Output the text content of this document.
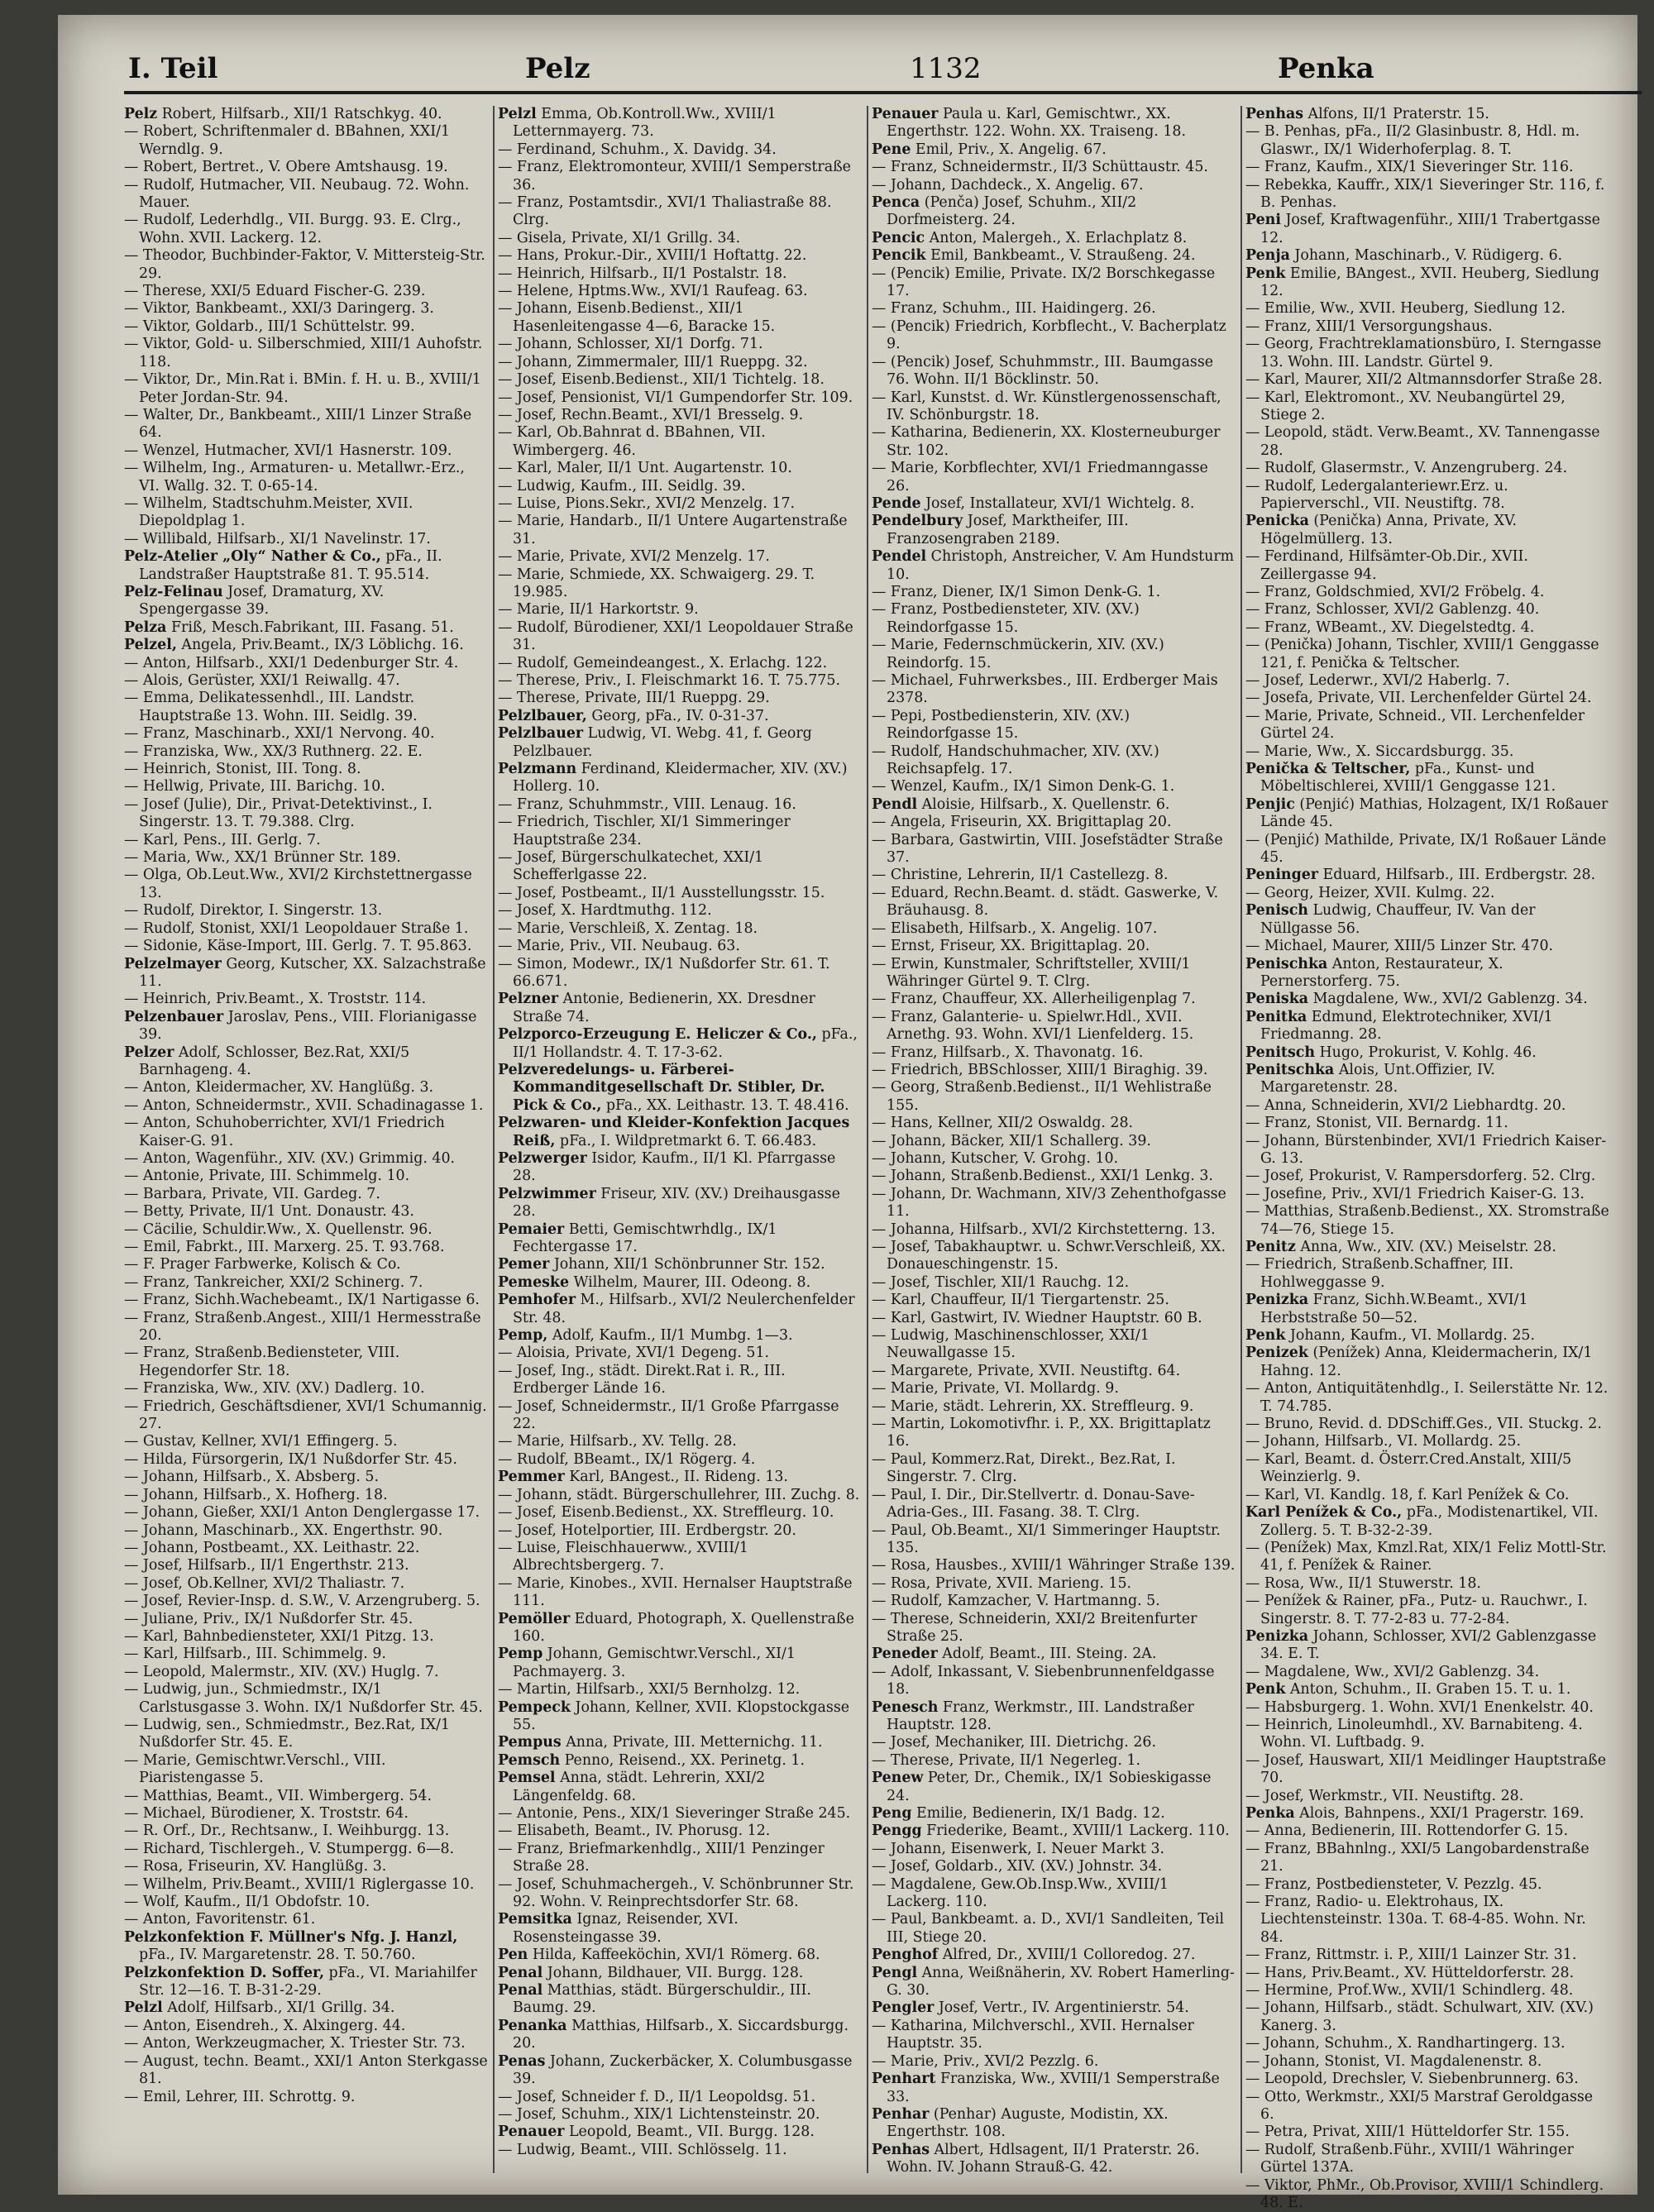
I. Teil	Pelz	1132	Penka

Pelz Robert, Hilfsarb., XII/1 Ratschkyg. 40.

— Robert, Schriftenmaler d. BBahnen, XXI/1 Werndlg. 9.

— Robert, Bertret., V. Obere Amtshausg. 19.

— Rudolf, Hutmacher, VII. Neubaug. 72. Wohn. Mauer.

— Rudolf, Lederhdlg., VII. Burgg. 93. E. Clrg., Wohn. XVII. Lackerg. 12.

— Theodor, Buchbinder-Faktor, V. Mittersteig-Str. 29.

— Therese, XXI/5 Eduard Fischer-G. 239.

— Viktor, Bankbeamt., XXI/3 Daringerg. 3.

— Viktor, Goldarb., III/1 Schüttelstr. 99.

— Viktor, Gold- u. Silberschmied, XIII/1 Auhofstr. 118.

— Viktor, Dr., Min.Rat i. BMin. f. H. u. B., XVIII/1 Peter Jordan-Str. 94.

— Walter, Dr., Bankbeamt., XIII/1 Linzer Straße 64.

— Wenzel, Hutmacher, XVI/1 Hasnerstr. 109.

— Wilhelm, Ing., Armaturen- u. Metallwr.-Erz., VI. Wallg. 32. T. 0-65-14.

— Wilhelm, Stadtschuhm.Meister, XVII. Diepoldplag 1.

— Willibald, Hilfsarb., XI/1 Navelinstr. 17.

Pelz-Atelier „Oly“ Nather & Co., pFa., II. Landstraßer Hauptstraße 81. T. 95.514.

Pelz-Felinau Josef, Dramaturg, XV. Spengergasse 39.

Pelza Friß, Mesch.Fabrikant, III. Fasang. 51.

Pelzel, Angela, Priv.Beamt., IX/3 Löblichg. 16.

— Anton, Hilfsarb., XXI/1 Dedenburger Str. 4.

— Alois, Gerüster, XXI/1 Reiwallg. 47.

— Emma, Delikatessenhdl., III. Landstr. Hauptstraße 13. Wohn. III. Seidlg. 39.

— Franz, Maschinarb., XXI/1 Nervong. 40.

— Franziska, Ww., XX/3 Ruthnerg. 22. E.

— Heinrich, Stonist, III. Tong. 8.

— Hellwig, Private, III. Barichg. 10.

— Josef (Julie), Dir., Privat-Detektivinst., I. Singerstr. 13. T. 79.388. Clrg.

— Karl, Pens., III. Gerlg. 7.

— Maria, Ww., XX/1 Brünner Str. 189.

— Olga, Ob.Leut.Ww., XVI/2 Kirchstettnergasse 13.

— Rudolf, Direktor, I. Singerstr. 13.

— Rudolf, Stonist, XXI/1 Leopoldauer Straße 1.

— Sidonie, Käse-Import, III. Gerlg. 7. T. 95.863.

Pelzelmayer Georg, Kutscher, XX. Salzachstraße 11.

— Heinrich, Priv.Beamt., X. Troststr. 114.

Pelzenbauer Jaroslav, Pens., VIII. Florianigasse 39.

Pelzer Adolf, Schlosser, Bez.Rat, XXI/5 Barnhageng. 4.

— Anton, Kleidermacher, XV. Hanglüßg. 3.

— Anton, Schneidermstr., XVII. Schadinagasse 1.

— Anton, Schuhoberrichter, XVI/1 Friedrich Kaiser-G. 91.

— Anton, Wagenführ., XIV. (XV.) Grimmig. 40.

— Antonie, Private, III. Schimmelg. 10.

— Barbara, Private, VII. Gardeg. 7.

— Betty, Private, II/1 Unt. Donaustr. 43.

— Cäcilie, Schuldir.Ww., X. Quellenstr. 96.

— Emil, Fabrkt., III. Marxerg. 25. T. 93.768.

— F. Prager Farbwerke, Kolisch & Co.

— Franz, Tankreicher, XXI/2 Schinerg. 7.

— Franz, Sichh.Wachebeamt., IX/1 Nartigasse 6.

— Franz, Straßenb.Angest., XIII/1 Hermesstraße 20.

— Franz, Straßenb.Bediensteter, VIII. Hegendorfer Str. 18.

— Franziska, Ww., XIV. (XV.) Dadlerg. 10.

— Friedrich, Geschäftsdiener, XVI/1 Schumannig. 27.

— Gustav, Kellner, XVI/1 Effingerg. 5.

— Hilda, Fürsorgerin, IX/1 Nußdorfer Str. 45.

— Johann, Hilfsarb., X. Absberg. 5.

— Johann, Hilfsarb., X. Hofherg. 18.

— Johann, Gießer, XXI/1 Anton Denglergasse 17.

— Johann, Maschinarb., XX. Engerthstr. 90.

— Johann, Postbeamt., XX. Leithastr. 22.

— Josef, Hilfsarb., II/1 Engerthstr. 213.

— Josef, Ob.Kellner, XVI/2 Thaliastr. 7.

— Josef, Revier-Insp. d. S.W., V. Arzengruberg. 5.

— Juliane, Priv., IX/1 Nußdorfer Str. 45.

— Karl, Bahnbediensteter, XXI/1 Pitzg. 13.

— Karl, Hilfsarb., III. Schimmelg. 9.

— Leopold, Malermstr., XIV. (XV.) Huglg. 7.

— Ludwig, jun., Schmiedmstr., IX/1 Carlstusgasse 3. Wohn. IX/1 Nußdorfer Str. 45.

— Ludwig, sen., Schmiedmstr., Bez.Rat, IX/1 Nußdorfer Str. 45. E.

— Marie, Gemischtwr.Verschl., VIII. Piaristengasse 5.

— Matthias, Beamt., VII. Wimbergerg. 54.

— Michael, Bürodiener, X. Troststr. 64.

— R. Orf., Dr., Rechtsanw., I. Weihburgg. 13.

— Richard, Tischlergeh., V. Stumpergg. 6—8.

— Rosa, Friseurin, XV. Hanglüßg. 3.

— Wilhelm, Priv.Beamt., XVIII/1 Riglergasse 10.

— Wolf, Kaufm., II/1 Obdofstr. 10.

— Anton, Favoritenstr. 61.

Pelzkonfektion F. Müllner's Nfg. J. Hanzl, pFa., IV. Margaretenstr. 28. T. 50.760.

Pelzkonfektion D. Soffer, pFa., VI. Mariahilfer Str. 12—16. T. B-31-2-29.

Pelzl Adolf, Hilfsarb., XI/1 Grillg. 34.

— Anton, Eisendreh., X. Alxingerg. 44.

— Anton, Werkzeugmacher, X. Triester Str. 73.

— August, techn. Beamt., XXI/1 Anton Sterkgasse 81.

— Emil, Lehrer, III. Schrottg. 9.

Pelzl Emma, Ob.Kontroll.Ww., XVIII/1 Letternmayerg. 73.

— Ferdinand, Schuhm., X. Davidg. 34.

— Franz, Elektromonteur, XVIII/1 Semperstraße 36.

— Franz, Postamtsdir., XVI/1 Thaliastraße 88. Clrg.

— Gisela, Private, XI/1 Grillg. 34.

— Hans, Prokur.-Dir., XVIII/1 Hoftattg. 22.

— Heinrich, Hilfsarb., II/1 Postalstr. 18.

— Helene, Hptms.Ww., XVI/1 Raufeag. 63.

— Johann, Eisenb.Bedienst., XII/1 Hasenleitengasse 4—6, Baracke 15.

— Johann, Schlosser, XI/1 Dorfg. 71.

— Johann, Zimmermaler, III/1 Rueppg. 32.

— Josef, Eisenb.Bedienst., XII/1 Tichtelg. 18.

— Josef, Pensionist, VI/1 Gumpendorfer Str. 109.

— Josef, Rechn.Beamt., XVI/1 Bresselg. 9.

— Karl, Ob.Bahnrat d. BBahnen, VII. Wimbergerg. 46.

— Karl, Maler, II/1 Unt. Augartenstr. 10.

— Ludwig, Kaufm., III. Seidlg. 39.

— Luise, Pions.Sekr., XVI/2 Menzelg. 17.

— Marie, Handarb., II/1 Untere Augartenstraße 31.

— Marie, Private, XVI/2 Menzelg. 17.

— Marie, Schmiede, XX. Schwaigerg. 29. T. 19.985.

— Marie, II/1 Harkortstr. 9.

— Rudolf, Bürodiener, XXI/1 Leopoldauer Straße 31.

— Rudolf, Gemeindeangest., X. Erlachg. 122.

— Therese, Priv., I. Fleischmarkt 16. T. 75.775.

— Therese, Private, III/1 Rueppg. 29.

Pelzlbauer, Georg, pFa., IV. 0-31-37.

Pelzlbauer Ludwig, VI. Webg. 41, f. Georg Pelzlbauer.

Pelzmann Ferdinand, Kleidermacher, XIV. (XV.) Hollerg. 10.

— Franz, Schuhmmstr., VIII. Lenaug. 16.

— Friedrich, Tischler, XI/1 Simmeringer Hauptstraße 234.

— Josef, Bürgerschulkatechet, XXI/1 Schefferlgasse 22.

— Josef, Postbeamt., II/1 Ausstellungsstr. 15.

— Josef, X. Hardtmuthg. 112.

— Marie, Verschleiß, X. Zentag. 18.

— Marie, Priv., VII. Neubaug. 63.

— Simon, Modewr., IX/1 Nußdorfer Str. 61. T. 66.671.

Pelzner Antonie, Bedienerin, XX. Dresdner Straße 74.

Pelzporco-Erzeugung E. Heliczer & Co., pFa., II/1 Hollandstr. 4. T. 17-3-62.

Pelzveredelungs- u. Färberei-Kommanditgesellschaft Dr. Stibler, Dr. Pick & Co., pFa., XX. Leithastr. 13. T. 48.416.

Pelzwaren- und Kleider-Konfektion Jacques Reiß, pFa., I. Wildpretmarkt 6. T. 66.483.

Pelzwerger Isidor, Kaufm., II/1 Kl. Pfarrgasse 28.

Pelzwimmer Friseur, XIV. (XV.) Dreihausgasse 28.

Pemaier Betti, Gemischtwrhdlg., IX/1 Fechtergasse 17.

Pemer Johann, XII/1 Schönbrunner Str. 152.

Pemeske Wilhelm, Maurer, III. Odeong. 8.

Pemhofer M., Hilfsarb., XVI/2 Neulerchenfelder Str. 48.

Pemp, Adolf, Kaufm., II/1 Mumbg. 1—3.

— Aloisia, Private, XVI/1 Degeng. 51.

— Josef, Ing., städt. Direkt.Rat i. R., III. Erdberger Lände 16.

— Josef, Schneidermstr., II/1 Große Pfarrgasse 22.

— Marie, Hilfsarb., XV. Tellg. 28.

— Rudolf, BBeamt., IX/1 Rögerg. 4.

Pemmer Karl, BAngest., II. Rideng. 13.

— Johann, städt. Bürgerschullehrer, III. Zuchg. 8.

— Josef, Eisenb.Bedienst., XX. Streffleurg. 10.

— Josef, Hotelportier, III. Erdbergstr. 20.

— Luise, Fleischhauerww., XVIII/1 Albrechtsbergerg. 7.

— Marie, Kinobes., XVII. Hernalser Hauptstraße 111.

Pemöller Eduard, Photograph, X. Quellenstraße 160.

Pemp Johann, Gemischtwr.Verschl., XI/1 Pachmayerg. 3.

— Martin, Hilfsarb., XXI/5 Bernholzg. 12.

Pempeck Johann, Kellner, XVII. Klopstockgasse 55.

Pempus Anna, Private, III. Metternichg. 11.

Pemsch Penno, Reisend., XX. Perinetg. 1.

Pemsel Anna, städt. Lehrerin, XXI/2 Längenfeldg. 68.

— Antonie, Pens., XIX/1 Sieveringer Straße 245.

— Elisabeth, Beamt., IV. Phorusg. 12.

— Franz, Briefmarkenhdlg., XIII/1 Penzinger Straße 28.

— Josef, Schuhmachergeh., V. Schönbrunner Str. 92. Wohn. V. Reinprechtsdorfer Str. 68.

Pemsitka Ignaz, Reisender, XVI. Rosensteingasse 39.

Pen Hilda, Kaffeeköchin, XVI/1 Römerg. 68.

Penal Johann, Bildhauer, VII. Burgg. 128.

Penal Matthias, städt. Bürgerschuldir., III. Baumg. 29.

Penanka Matthias, Hilfsarb., X. Siccardsburgg. 20.

Penas Johann, Zuckerbäcker, X. Columbusgasse 39.

— Josef, Schneider f. D., II/1 Leopoldsg. 51.

— Josef, Schuhm., XIX/1 Lichtensteinstr. 20.

Penauer Leopold, Beamt., VII. Burgg. 128.

— Ludwig, Beamt., VIII. Schlösselg. 11.

Penauer Paula u. Karl, Gemischtwr., XX. Engerthstr. 122. Wohn. XX. Traiseng. 18.

Pene Emil, Priv., X. Angelig. 67.

— Franz, Schneidermstr., II/3 Schüttaustr. 45.

— Johann, Dachdeck., X. Angelig. 67.

Penca (Penča) Josef, Schuhm., XII/2 Dorfmeisterg. 24.

Pencic Anton, Malergeh., X. Erlachplatz 8.

Pencik Emil, Bankbeamt., V. Straußeng. 24.

— (Pencik) Emilie, Private. IX/2 Borschkegasse 17.

— Franz, Schuhm., III. Haidingerg. 26.

— (Pencik) Friedrich, Korbflecht., V. Bacherplatz 9.

— (Pencik) Josef, Schuhmmstr., III. Baumgasse 76. Wohn. II/1 Böcklinstr. 50.

— Karl, Kunstst. d. Wr. Künstlergenossenschaft, IV. Schönburgstr. 18.

— Katharina, Bedienerin, XX. Klosterneuburger Str. 102.

— Marie, Korbflechter, XVI/1 Friedmanngasse 26.

Pende Josef, Installateur, XVI/1 Wichtelg. 8.

Pendelbury Josef, Marktheifer, III. Franzosengraben 2189.

Pendel Christoph, Anstreicher, V. Am Hundsturm 10.

— Franz, Diener, IX/1 Simon Denk-G. 1.

— Franz, Postbediensteter, XIV. (XV.) Reindorfgasse 15.

— Marie, Federnschmückerin, XIV. (XV.) Reindorfg. 15.

— Michael, Fuhrwerksbes., III. Erdberger Mais 2378.

— Pepi, Postbediensterin, XIV. (XV.) Reindorfgasse 15.

— Rudolf, Handschuhmacher, XIV. (XV.) Reichsapfelg. 17.

— Wenzel, Kaufm., IX/1 Simon Denk-G. 1.

Pendl Aloisie, Hilfsarb., X. Quellenstr. 6.

— Angela, Friseurin, XX. Brigittaplag 20.

— Barbara, Gastwirtin, VIII. Josefstädter Straße 37.

— Christine, Lehrerin, II/1 Castellezg. 8.

— Eduard, Rechn.Beamt. d. städt. Gaswerke, V. Bräuhausg. 8.

— Elisabeth, Hilfsarb., X. Angelig. 107.

— Ernst, Friseur, XX. Brigittaplag. 20.

— Erwin, Kunstmaler, Schriftsteller, XVIII/1 Währinger Gürtel 9. T. Clrg.

— Franz, Chauffeur, XX. Allerheiligenplag 7.

— Franz, Galanterie- u. Spielwr.Hdl., XVII. Arnethg. 93. Wohn. XVI/1 Lienfelderg. 15.

— Franz, Hilfsarb., X. Thavonatg. 16.

— Friedrich, BBSchlosser, XIII/1 Biraghig. 39.

— Georg, Straßenb.Bedienst., II/1 Wehlistraße 155.

— Hans, Kellner, XII/2 Oswaldg. 28.

— Johann, Bäcker, XII/1 Schallerg. 39.

— Johann, Kutscher, V. Grohg. 10.

— Johann, Straßenb.Bedienst., XXI/1 Lenkg. 3.

— Johann, Dr. Wachmann, XIV/3 Zehenthofgasse 11.

— Johanna, Hilfsarb., XVI/2 Kirchstetterng. 13.

— Josef, Tabakhauptwr. u. Schwr.Verschleiß, XX. Donaueschingenstr. 15.

— Josef, Tischler, XII/1 Rauchg. 12.

— Karl, Chauffeur, II/1 Tiergartenstr. 25.

— Karl, Gastwirt, IV. Wiedner Hauptstr. 60 B.

— Ludwig, Maschinenschlosser, XXI/1 Neuwallgasse 15.

— Margarete, Private, XVII. Neustiftg. 64.

— Marie, Private, VI. Mollardg. 9.

— Marie, städt. Lehrerin, XX. Streffleurg. 9.

— Martin, Lokomotivfhr. i. P., XX. Brigittaplatz 16.

— Paul, Kommerz.Rat, Direkt., Bez.Rat, I. Singerstr. 7. Clrg.

— Paul, I. Dir., Dir.Stellvertr. d. Donau-Save-Adria-Ges., III. Fasang. 38. T. Clrg.

— Paul, Ob.Beamt., XI/1 Simmeringer Hauptstr. 135.

— Rosa, Hausbes., XVIII/1 Währinger Straße 139.

— Rosa, Private, XVII. Marieng. 15.

— Rudolf, Kamzacher, V. Hartmanng. 5.

— Therese, Schneiderin, XXI/2 Breitenfurter Straße 25.

Peneder Adolf, Beamt., III. Steing. 2A.

— Adolf, Inkassant, V. Siebenbrunnenfeldgasse 18.

Penesch Franz, Werkmstr., III. Landstraßer Hauptstr. 128.

— Josef, Mechaniker, III. Dietrichg. 26.

— Therese, Private, II/1 Negerleg. 1.

Penew Peter, Dr., Chemik., IX/1 Sobieskigasse 24.

Peng Emilie, Bedienerin, IX/1 Badg. 12.

Pengg Friederike, Beamt., XVIII/1 Lackerg. 110.

— Johann, Eisenwerk, I. Neuer Markt 3.

— Josef, Goldarb., XIV. (XV.) Johnstr. 34.

— Magdalene, Gew.Ob.Insp.Ww., XVIII/1 Lackerg. 110.

— Paul, Bankbeamt. a. D., XVI/1 Sandleiten, Teil III, Stiege 20.

Penghof Alfred, Dr., XVIII/1 Colloredog. 27.

Pengl Anna, Weißnäherin, XV. Robert Hamerling-G. 30.

Pengler Josef, Vertr., IV. Argentinierstr. 54.

— Katharina, Milchverschl., XVII. Hernalser Hauptstr. 35.

— Marie, Priv., XVI/2 Pezzlg. 6.

Penhart Franziska, Ww., XVIII/1 Semperstraße 33.

Penhar (Penhar) Auguste, Modistin, XX. Engerthstr. 108.

Penhas Albert, Hdlsagent, II/1 Praterstr. 26. Wohn. IV. Johann Strauß-G. 42.

Penhas Alfons, II/1 Praterstr. 15.

— B. Penhas, pFa., II/2 Glasinbustr. 8, Hdl. m. Glaswr., IX/1 Widerhoferplag. 8. T.

— Franz, Kaufm., XIX/1 Sieveringer Str. 116.

— Rebekka, Kauffr., XIX/1 Sieveringer Str. 116, f. B. Penhas.

Peni Josef, Kraftwagenführ., XIII/1 Trabertgasse 12.

Penja Johann, Maschinarb., V. Rüdigerg. 6.

Penk Emilie, BAngest., XVII. Heuberg, Siedlung 12.

— Emilie, Ww., XVII. Heuberg, Siedlung 12.

— Franz, XIII/1 Versorgungshaus.

— Georg, Frachtreklamationsbüro, I. Sterngasse 13. Wohn. III. Landstr. Gürtel 9.

— Karl, Maurer, XII/2 Altmannsdorfer Straße 28.

— Karl, Elektromont., XV. Neubangürtel 29, Stiege 2.

— Leopold, städt. Verw.Beamt., XV. Tannengasse 28.

— Rudolf, Glasermstr., V. Anzengruberg. 24.

— Rudolf, Ledergalanteriewr.Erz. u. Papierverschl., VII. Neustiftg. 78.

Penicka (Penička) Anna, Private, XV. Högelmüllerg. 13.

— Ferdinand, Hilfsämter-Ob.Dir., XVII. Zeillergasse 94.

— Franz, Goldschmied, XVI/2 Fröbelg. 4.

— Franz, Schlosser, XVI/2 Gablenzg. 40.

— Franz, WBeamt., XV. Diegelstedtg. 4.

— (Penička) Johann, Tischler, XVIII/1 Genggasse 121, f. Penička & Teltscher.

— Josef, Lederwr., XVI/2 Haberlg. 7.

— Josefa, Private, VII. Lerchenfelder Gürtel 24.

— Marie, Private, Schneid., VII. Lerchenfelder Gürtel 24.

— Marie, Ww., X. Siccardsburgg. 35.

Penička & Teltscher, pFa., Kunst- und Möbeltischlerei, XVIII/1 Genggasse 121.

Penjic (Penjić) Mathias, Holzagent, IX/1 Roßauer Lände 45.

— (Penjić) Mathilde, Private, IX/1 Roßauer Lände 45.

Peninger Eduard, Hilfsarb., III. Erdbergstr. 28.

— Georg, Heizer, XVII. Kulmg. 22.

Penisch Ludwig, Chauffeur, IV. Van der Nüllgasse 56.

— Michael, Maurer, XIII/5 Linzer Str. 470.

Penischka Anton, Restaurateur, X. Pernerstorferg. 75.

Peniska Magdalene, Ww., XVI/2 Gablenzg. 34.

Penitka Edmund, Elektrotechniker, XVI/1 Friedmanng. 28.

Penitsch Hugo, Prokurist, V. Kohlg. 46.

Penitschka Alois, Unt.Offizier, IV. Margaretenstr. 28.

— Anna, Schneiderin, XVI/2 Liebhardtg. 20.

— Franz, Stonist, VII. Bernardg. 11.

— Johann, Bürstenbinder, XVI/1 Friedrich Kaiser-G. 13.

— Josef, Prokurist, V. Rampersdorferg. 52. Clrg.

— Josefine, Priv., XVI/1 Friedrich Kaiser-G. 13.

— Matthias, Straßenb.Bedienst., XX. Stromstraße 74—76, Stiege 15.

Penitz Anna, Ww., XIV. (XV.) Meiselstr. 28.

— Friedrich, Straßenb.Schaffner, III. Hohlweggasse 9.

Penizka Franz, Sichh.W.Beamt., XVI/1 Herbststraße 50—52.

Penk Johann, Kaufm., VI. Mollardg. 25.

Penizek (Penížek) Anna, Kleidermacherin, IX/1 Hahng. 12.

— Anton, Antiquitätenhdlg., I. Seilerstätte Nr. 12. T. 74.785.

— Bruno, Revid. d. DDSchiff.Ges., VII. Stuckg. 2.

— Johann, Hilfsarb., VI. Mollardg. 25.

— Karl, Beamt. d. Österr.Cred.Anstalt, XIII/5 Weinzierlg. 9.

— Karl, VI. Kandlg. 18, f. Karl Penížek & Co.

Karl Penížek & Co., pFa., Modistenartikel, VII. Zollerg. 5. T. B-32-2-39.

— (Penížek) Max, Kmzl.Rat, XIX/1 Feliz Mottl-Str. 41, f. Penížek & Rainer.

— Rosa, Ww., II/1 Stuwerstr. 18.

— Penížek & Rainer, pFa., Putz- u. Rauchwr., I. Singerstr. 8. T. 77-2-83 u. 77-2-84.

Penizka Johann, Schlosser, XVI/2 Gablenzgasse 34. E. T.

— Magdalene, Ww., XVI/2 Gablenzg. 34.

Penk Anton, Schuhm., II. Graben 15. T. u. 1.

— Habsburgerg. 1. Wohn. XVI/1 Enenkelstr. 40.

— Heinrich, Linoleumhdl., XV. Barnabiteng. 4. Wohn. VI. Luftbadg. 9.

— Josef, Hauswart, XII/1 Meidlinger Hauptstraße 70.

— Josef, Werkmstr., VII. Neustiftg. 28.

Penka Alois, Bahnpens., XXI/1 Pragerstr. 169.

— Anna, Bedienerin, III. Rottendorfer G. 15.

— Franz, BBahnlng., XXI/5 Langobardenstraße 21.

— Franz, Postbediensteter, V. Pezzlg. 45.

— Franz, Radio- u. Elektrohaus, IX. Liechtensteinstr. 130a. T. 68-4-85. Wohn. Nr. 84.

— Franz, Rittmstr. i. P., XIII/1 Lainzer Str. 31.

— Hans, Priv.Beamt., XV. Hütteldorferstr. 28.

— Hermine, Prof.Ww., XVII/1 Schindlerg. 48.

— Johann, Hilfsarb., städt. Schulwart, XIV. (XV.) Kanerg. 3.

— Johann, Schuhm., X. Randhartingerg. 13.

— Johann, Stonist, VI. Magdalenenstr. 8.

— Leopold, Drechsler, V. Siebenbrunnerg. 63.

— Otto, Werkmstr., XXI/5 Marstraf Geroldgasse 6.

— Petra, Privat, XIII/1 Hütteldorfer Str. 155.

— Rudolf, Straßenb.Führ., XVIII/1 Währinger Gürtel 137A.

— Viktor, PhMr., Ob.Provisor, XVIII/1 Schindlerg. 48. E.
